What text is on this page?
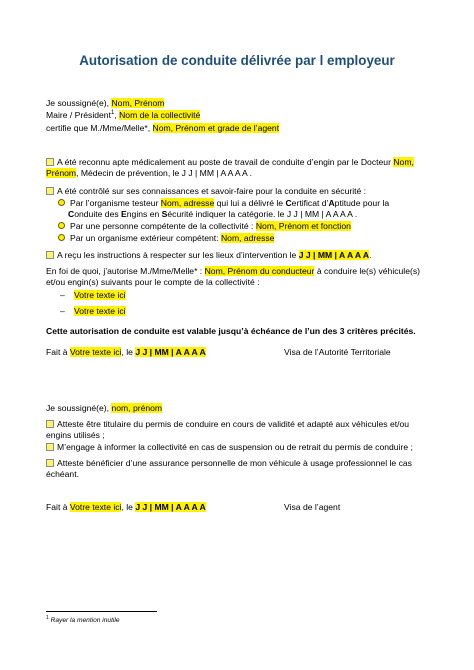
Autorisation de conduite délivrée par l employeur
Je soussigné(e), Nom, Prénom
Maire / Président$^1$, Nom de la collectivité
certifie que M./Mme/Melle*, Nom, Prénom et grade de l’agent
A été reconnu apte médicalement au poste de travail de conduite d’engin par le Docteur Nom,
Prénom, Médecin de prévention, le J J | MM | A A A A .
A été contrôlé sur ses connaissances et savoir-faire pour la conduite en sécurité :
Par l’organisme testeur Nom, adresse qui lui a délivré le Certificat d’Aptitude pour la
Conduite des Engins en Sécurité indiquer la catégorie. le J J | MM | A A A A .
Par une personne compétente de la collectivité : Nom, Prénom et fonction
Par un organisme extérieur compétent: Nom, adresse
A reçu les instructions à respecter sur les lieux d’intervention le J J | MM | A A A A.
En foi de quoi, j’autorise M./Mme/Melle* : Nom, Prénom du conducteur à conduire le(s) véhicule(s)
et/ou engin(s) suivants pour le compte de la collectivité :
– Votre texte ici
– Votre texte ici
Cette autorisation de conduite est valable jusqu’à échéance de l’un des 3 critères précités.
Fait à Votre texte ici, le J J | MM | A A A A	Visa de l’Autorité Territoriale
Je soussigné(e), nom, prénom
Atteste être titulaire du permis de conduire en cours de validité et adapté aux véhicules et/ou
engins utilisés ;
M’engage à informer la collectivité en cas de suspension ou de retrait du permis de conduire ;
Atteste bénéficier d’une assurance personnelle de mon véhicule à usage professionnel le cas
échéant.
Fait à Votre texte ici, le J J | MM | A A A A	Visa de l’agent
$^1$ Rayer la mention inutile
